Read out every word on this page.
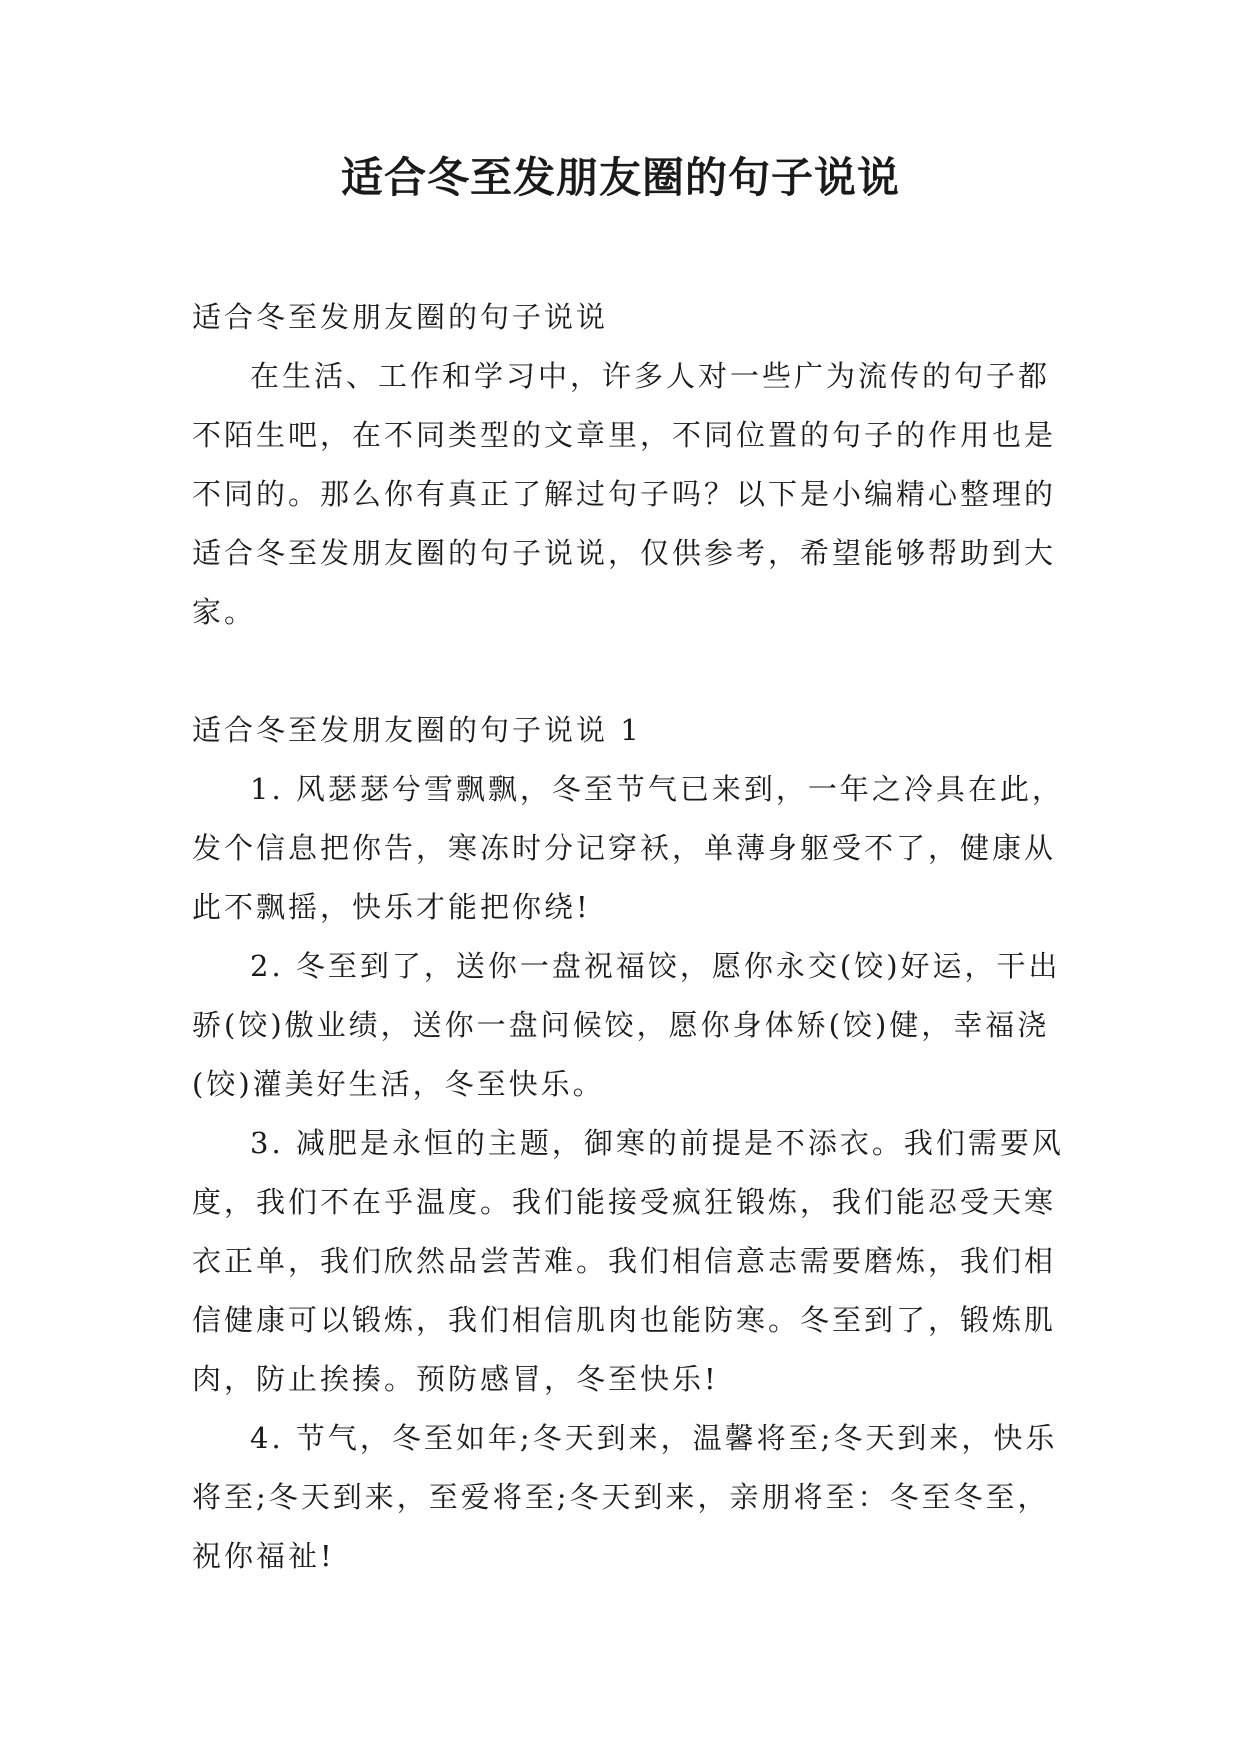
适合冬至发朋友圈的句子说说

适合冬至发朋友圈的句子说说

在生活、工作和学习中，许多人对一些广为流传的句子都不陌生吧，在不同类型的文章里，不同位置的句子的作用也是不同的。那么你有真正了解过句子吗？以下是小编精心整理的适合冬至发朋友圈的句子说说，仅供参考，希望能够帮助到大家。

适合冬至发朋友圈的句子说说 1

1. 风瑟瑟兮雪飘飘，冬至节气已来到，一年之冷具在此，发个信息把你告，寒冻时分记穿袄，单薄身躯受不了，健康从此不飘摇，快乐才能把你绕!

2. 冬至到了，送你一盘祝福饺，愿你永交(饺)好运，干出骄(饺)傲业绩，送你一盘问候饺，愿你身体矫(饺)健，幸福浇(饺)灌美好生活，冬至快乐。

3. 减肥是永恒的主题，御寒的前提是不添衣。我们需要风度，我们不在乎温度。我们能接受疯狂锻炼，我们能忍受天寒衣正单，我们欣然品尝苦难。我们相信意志需要磨炼，我们相信健康可以锻炼，我们相信肌肉也能防寒。冬至到了，锻炼肌肉，防止挨揍。预防感冒，冬至快乐!

4. 节气，冬至如年;冬天到来，温馨将至;冬天到来，快乐将至;冬天到来，至爱将至;冬天到来，亲朋将至：冬至冬至，祝你福祉!
